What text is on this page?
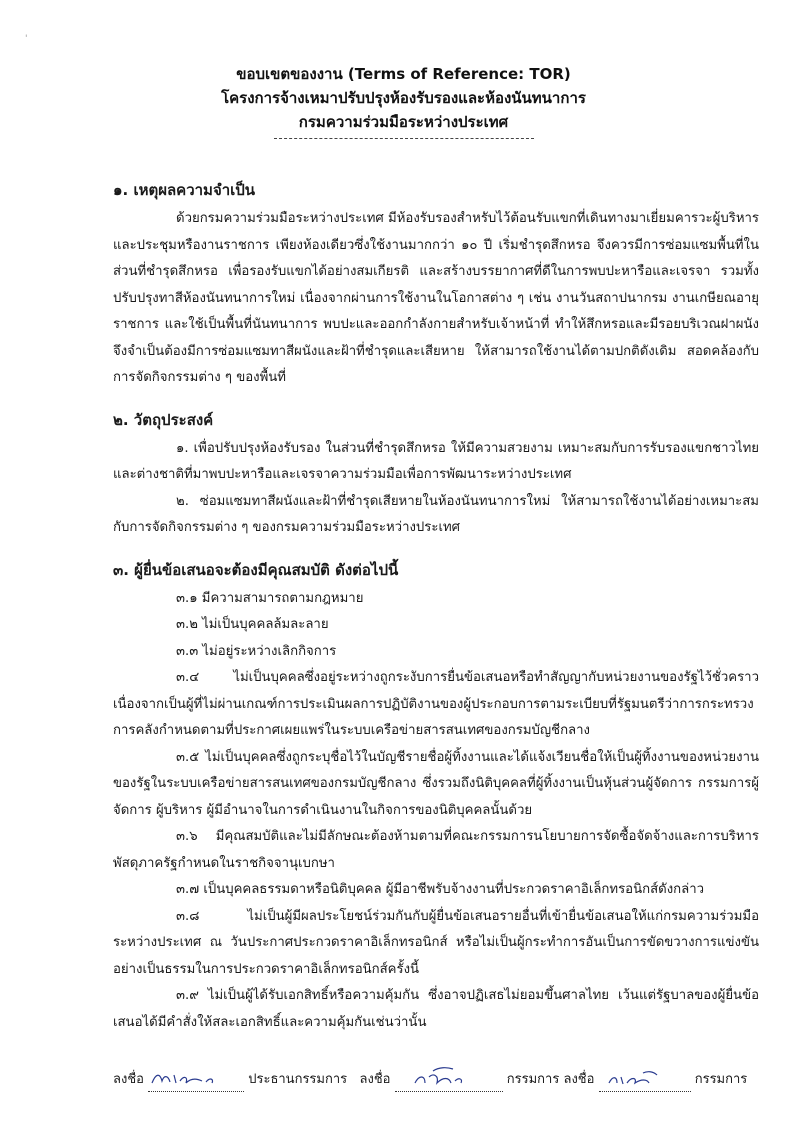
'
ขอบเขตของงาน (Terms of Reference: TOR)
โครงการจ้างเหมาปรับปรุงห้องรับรองและห้องนันทนาการ
กรมความร่วมมือระหว่างประเทศ
๑. เหตุผลความจำเป็น

ด้วยกรมความร่วมมือระหว่างประเทศ มีห้องรับรองสำหรับไว้ต้อนรับแขกที่เดินทางมาเยี่ยมคารวะผู้บริหารและประชุมหรืองานราชการ เพียงห้องเดียวซึ่งใช้งานมากกว่า ๑๐ ปี เริ่มชำรุดสึกหรอ จึงควรมีการซ่อมแซมพื้นที่ในส่วนที่ชำรุดสึกหรอ เพื่อรองรับแขกได้อย่างสมเกียรติ และสร้างบรรยากาศที่ดีในการพบปะหารือและเจรจา รวมทั้งปรับปรุงทาสีห้องนันทนาการใหม่ เนื่องจากผ่านการใช้งานในโอกาสต่าง ๆ เช่น งานวันสถาปนากรม งานเกษียณอายุราชการ และใช้เป็นพื้นที่นันทนาการ พบปะและออกกำลังกายสำหรับเจ้าหน้าที่ ทำให้สึกหรอและมีรอยบริเวณฝาผนัง จึงจำเป็นต้องมีการซ่อมแซมทาสีผนังและฝ้าที่ชำรุดและเสียหาย ให้สามารถใช้งานได้ตามปกติดังเดิม สอดคล้องกับการจัดกิจกรรมต่าง ๆ ของพื้นที่

๒. วัตถุประสงค์

๑. เพื่อปรับปรุงห้องรับรอง ในส่วนที่ชำรุดสึกหรอ ให้มีความสวยงาม เหมาะสมกับการรับรองแขกชาวไทยและต่างชาติที่มาพบปะหารือและเจรจาความร่วมมือเพื่อการพัฒนาระหว่างประเทศ

๒. ซ่อมแซมทาสีผนังและฝ้าที่ชำรุดเสียหายในห้องนันทนาการใหม่ ให้สามารถใช้งานได้อย่างเหมาะสมกับการจัดกิจกรรมต่าง ๆ ของกรมความร่วมมือระหว่างประเทศ

๓. ผู้ยื่นข้อเสนอจะต้องมีคุณสมบัติ ดังต่อไปนี้

๓.๑ มีความสามารถตามกฎหมาย

๓.๒ ไม่เป็นบุคคลล้มละลาย

๓.๓ ไม่อยู่ระหว่างเลิกกิจการ

๓.๔ ไม่เป็นบุคคลซึ่งอยู่ระหว่างถูกระงับการยื่นข้อเสนอหรือทำสัญญากับหน่วยงานของรัฐไว้ชั่วคราวเนื่องจากเป็นผู้ที่ไม่ผ่านเกณฑ์การประเมินผลการปฏิบัติงานของผู้ประกอบการตามระเบียบที่รัฐมนตรีว่าการกระทรวงการคลังกำหนดตามที่ประกาศเผยแพร่ในระบบเครือข่ายสารสนเทศของกรมบัญชีกลาง

๓.๕ ไม่เป็นบุคคลซึ่งถูกระบุชื่อไว้ในบัญชีรายชื่อผู้ทิ้งงานและได้แจ้งเวียนชื่อให้เป็นผู้ทิ้งงานของหน่วยงานของรัฐในระบบเครือข่ายสารสนเทศของกรมบัญชีกลาง ซึ่งรวมถึงนิติบุคคลที่ผู้ทิ้งงานเป็นหุ้นส่วนผู้จัดการ กรรมการผู้จัดการ ผู้บริหาร ผู้มีอำนาจในการดำเนินงานในกิจการของนิติบุคคลนั้นด้วย

๓.๖ มีคุณสมบัติและไม่มีลักษณะต้องห้ามตามที่คณะกรรมการนโยบายการจัดซื้อจัดจ้างและการบริหารพัสดุภาครัฐกำหนดในราชกิจจานุเบกษา

๓.๗ เป็นบุคคลธรรมดาหรือนิติบุคคล ผู้มีอาชีพรับจ้างงานที่ประกวดราคาอิเล็กทรอนิกส์ดังกล่าว

๓.๘ ไม่เป็นผู้มีผลประโยชน์ร่วมกันกับผู้ยื่นข้อเสนอรายอื่นที่เข้ายื่นข้อเสนอให้แก่กรมความร่วมมือระหว่างประเทศ ณ วันประกาศประกวดราคาอิเล็กทรอนิกส์ หรือไม่เป็นผู้กระทำการอันเป็นการขัดขวางการแข่งขันอย่างเป็นธรรมในการประกวดราคาอิเล็กทรอนิกส์ครั้งนี้

๓.๙ ไม่เป็นผู้ได้รับเอกสิทธิ์หรือความคุ้มกัน ซึ่งอาจปฏิเสธไม่ยอมขึ้นศาลไทย เว้นแต่รัฐบาลของผู้ยื่นข้อเสนอได้มีคำสั่งให้สละเอกสิทธิ์และความคุ้มกันเช่นว่านั้น

ลงชื่อ	ประธานกรรมการ ลงชื่อ	กรรมการ ลงชื่อ	กรรมการ
